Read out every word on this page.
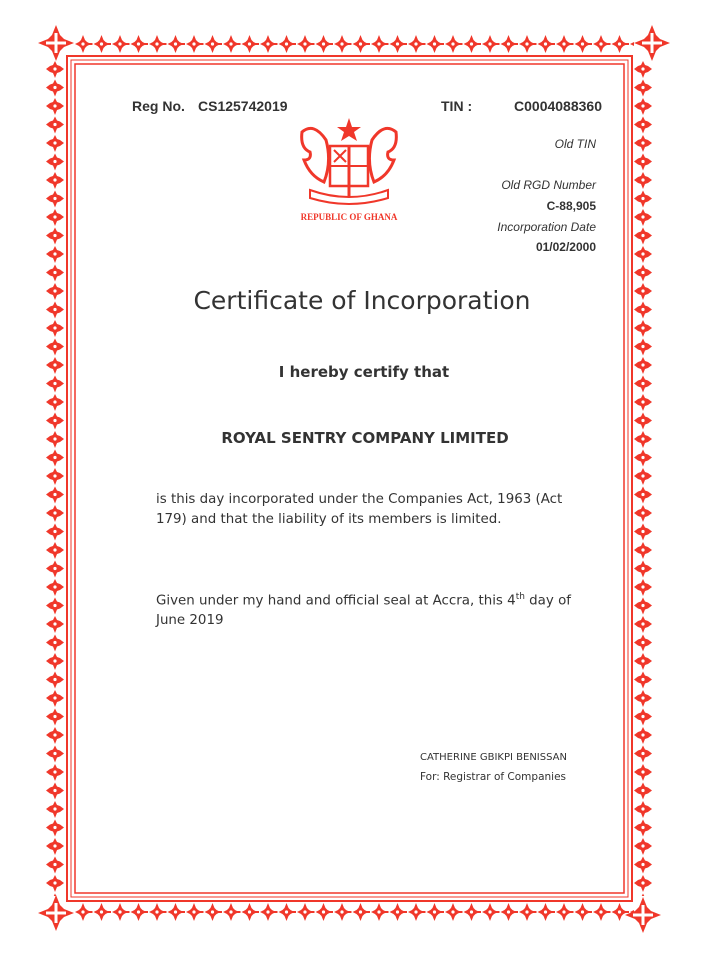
Reg No. CS125742019	TIN :	C0004088360
Old TIN
Old RGD Number
C-88,905
Incorporation Date
01/02/2000
REPUBLIC OF GHANA
Certificate of Incorporation
I hereby certify that
ROYAL SENTRY COMPANY LIMITED
is this day incorporated under the Companies Act, 1963 (Act 179) and that the liability of its members is limited.
Given under my hand and official seal at Accra, this 4th day of June 2019
CATHERINE GBIKPI BENISSAN
For: Registrar of Companies
